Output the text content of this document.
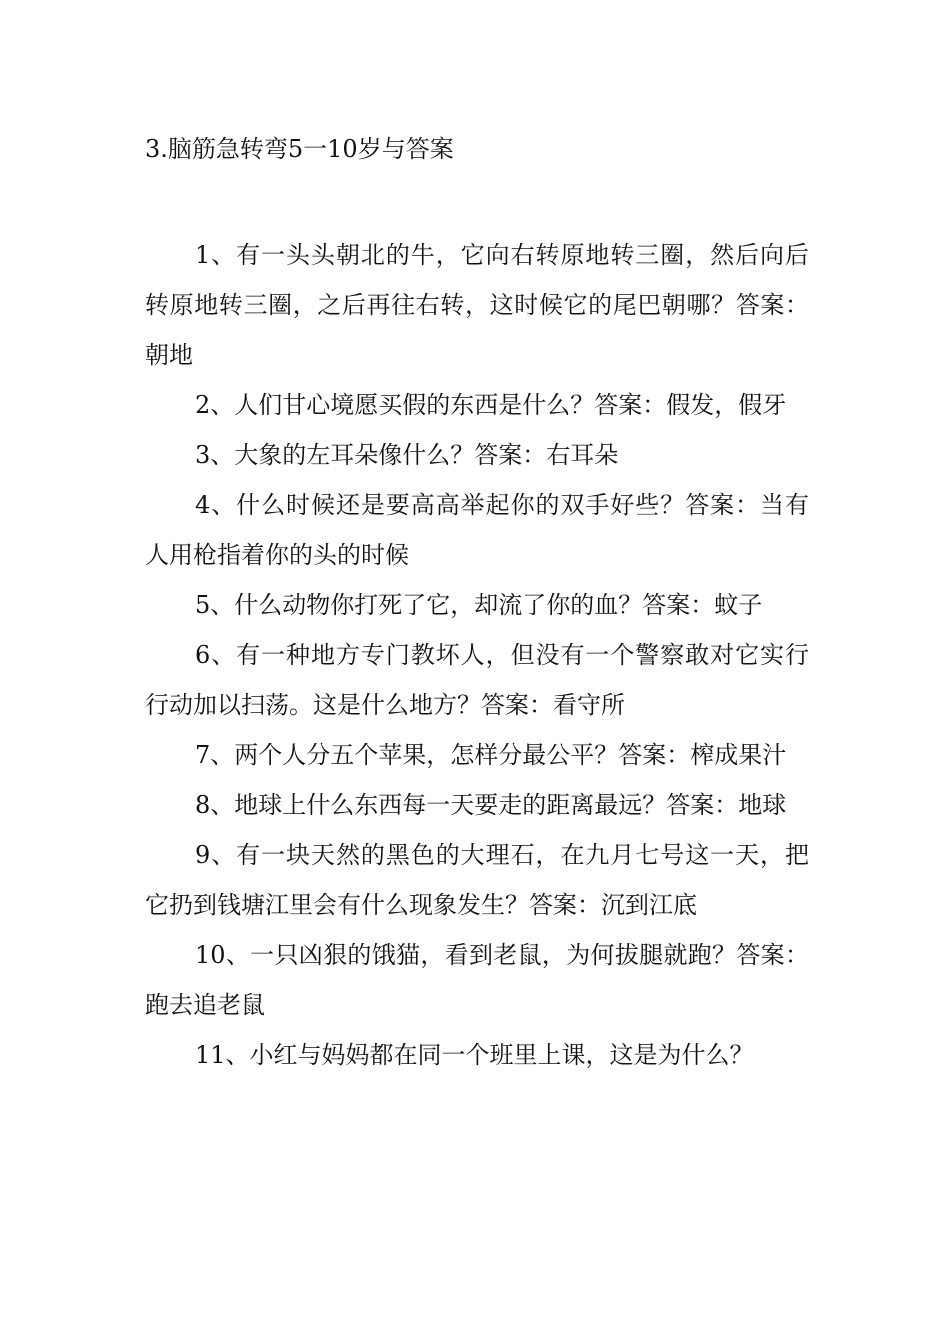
3.脑筋急转弯5一10岁与答案

1、有一头头朝北的牛，它向右转原地转三圈，然后向后转原地转三圈，之后再往右转，这时候它的尾巴朝哪？答案：朝地

2、人们甘心境愿买假的东西是什么？答案：假发，假牙

3、大象的左耳朵像什么？答案：右耳朵

4、什么时候还是要高高举起你的双手好些？答案：当有人用枪指着你的头的时候

5、什么动物你打死了它，却流了你的血？答案：蚊子

6、有一种地方专门教坏人，但没有一个警察敢对它实行行动加以扫荡。这是什么地方？答案：看守所

7、两个人分五个苹果，怎样分最公平？答案：榨成果汁

8、地球上什么东西每一天要走的距离最远？答案：地球

9、有一块天然的黑色的大理石，在九月七号这一天，把它扔到钱塘江里会有什么现象发生？答案：沉到江底

10、一只凶狠的饿猫，看到老鼠，为何拔腿就跑？答案：跑去追老鼠

11、小红与妈妈都在同一个班里上课，这是为什么？
